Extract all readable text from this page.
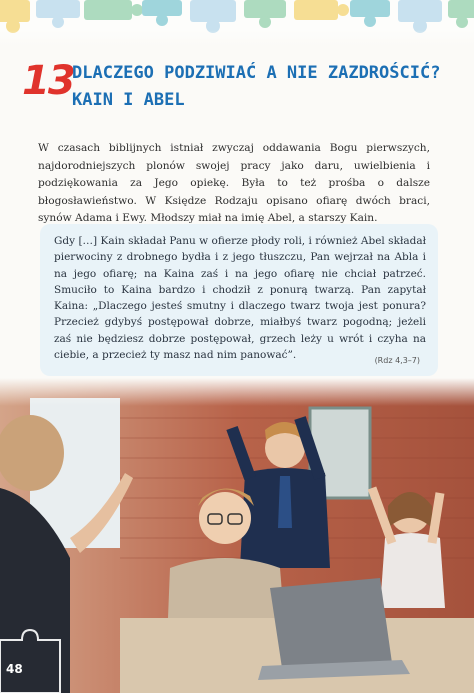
13
DLACZEGO PODZIWIAĆ A NIE ZAZDROŚCIĆ?
KAIN I ABEL

W czasach biblijnych istniał zwyczaj oddawania Bogu pierwszych, najdorodniejszych plonów swojej pracy jako daru, uwielbienia i podziękowania za Jego opiekę. Była to też prośba o dalsze błogosławieństwo. W Księdze Rodzaju opisano ofiarę dwóch braci, synów Adama i Ewy. Młodszy miał na imię Abel, a starszy Kain.

Gdy […] Kain składał Panu w ofierze płody roli, i również Abel składał pierwociny z drobnego bydła i z jego tłuszczu, Pan wejrzał na Abla i na jego ofiarę; na Kaina zaś i na jego ofiarę nie chciał patrzeć. Smuciło to Kaina bardzo i chodził z ponurą twarzą. Pan zapytał Kaina: „Dlaczego jesteś smutny i dlaczego twarz twoja jest ponura? Przecież gdybyś postępował dobrze, miałbyś twarz pogodną; jeżeli zaś nie będziesz dobrze postępował, grzech leży u wrót i czyha na ciebie, a przecież ty masz nad nim panować”.	(Rdz 4,3–7)
48
